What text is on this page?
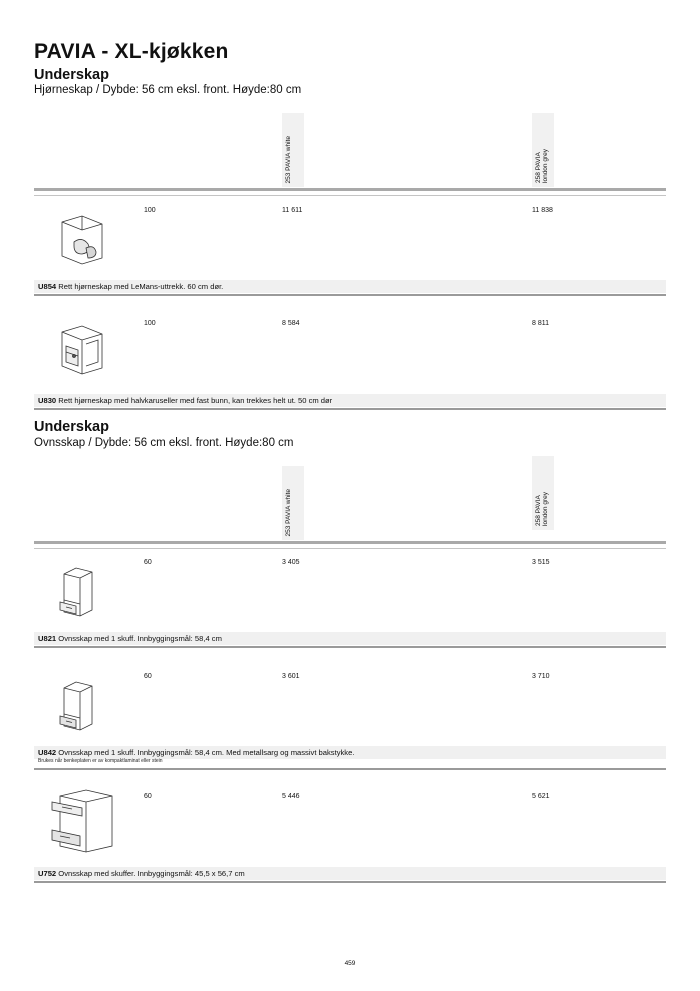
PAVIA - XL-kjøkken
Underskap
Hjørneskap / Dybde: 56 cm eksl. front. Høyde:80 cm
253 PAVIA white	258 PAVIA
london grey
100	11 611	11 838
U854 Rett hjørneskap med LeMans-uttrekk. 60 cm dør.
100	8 584	8 811
U830 Rett hjørneskap med halvkaruseller med fast bunn, kan trekkes helt ut. 50 cm dør
Underskap
Ovnsskap / Dybde: 56 cm eksl. front. Høyde:80 cm
253 PAVIA white	258 PAVIA
london grey
60	3 405	3 515
U821 Ovnsskap med 1 skuff. Innbyggingsmål: 58,4 cm
60	3 601	3 710
U842 Ovnsskap med 1 skuff. Innbyggingsmål: 58,4 cm. Med metallsarg og massivt bakstykke.
Brukes når benkeplaten er av kompaktlaminat eller stein
60	5 446	5 621
U752 Ovnsskap med skuffer. Innbyggingsmål: 45,5 x 56,7 cm
459
